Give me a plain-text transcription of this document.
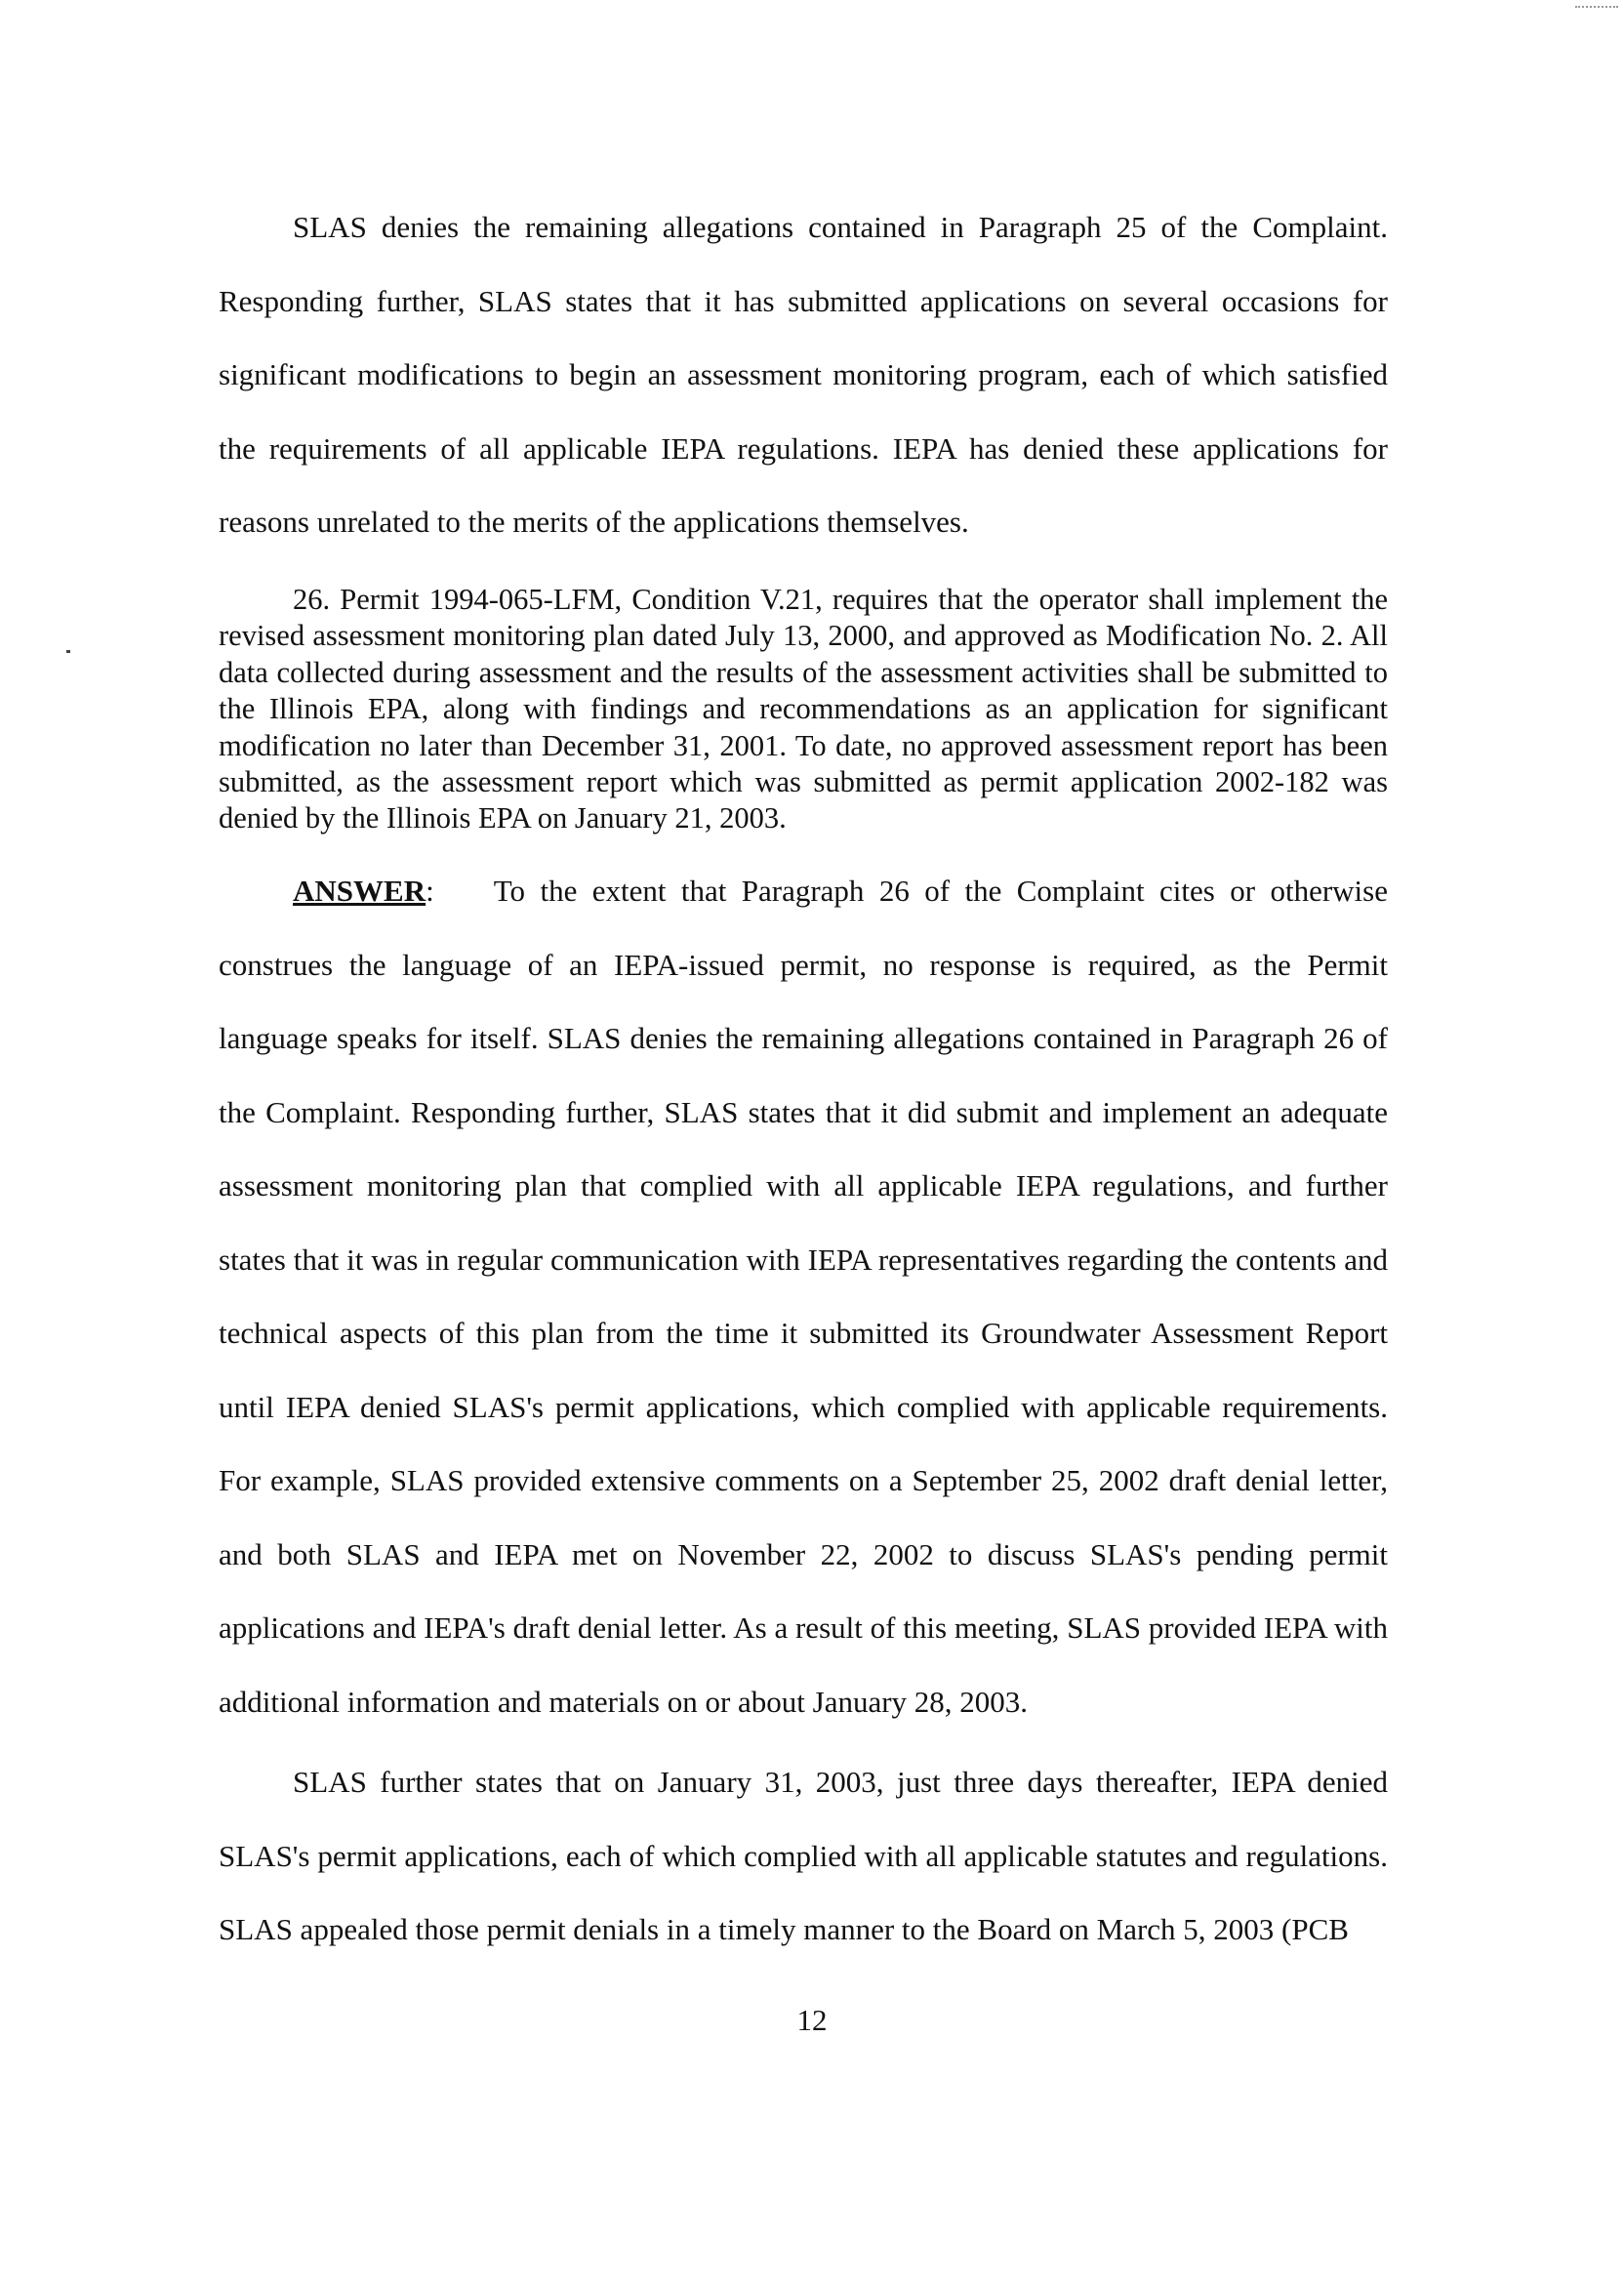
SLAS denies the remaining allegations contained in Paragraph 25 of the Complaint. Responding further, SLAS states that it has submitted applications on several occasions for significant modifications to begin an assessment monitoring program, each of which satisfied the requirements of all applicable IEPA regulations. IEPA has denied these applications for reasons unrelated to the merits of the applications themselves.

26. Permit 1994-065-LFM, Condition V.21, requires that the operator shall implement the revised assessment monitoring plan dated July 13, 2000, and approved as Modification No. 2. All data collected during assessment and the results of the assessment activities shall be submitted to the Illinois EPA, along with findings and recommendations as an application for significant modification no later than December 31, 2001. To date, no approved assessment report has been submitted, as the assessment report which was submitted as permit application 2002-182 was denied by the Illinois EPA on January 21, 2003.

ANSWER: To the extent that Paragraph 26 of the Complaint cites or otherwise construes the language of an IEPA-issued permit, no response is required, as the Permit language speaks for itself. SLAS denies the remaining allegations contained in Paragraph 26 of the Complaint. Responding further, SLAS states that it did submit and implement an adequate assessment monitoring plan that complied with all applicable IEPA regulations, and further states that it was in regular communication with IEPA representatives regarding the contents and technical aspects of this plan from the time it submitted its Groundwater Assessment Report until IEPA denied SLAS's permit applications, which complied with applicable requirements. For example, SLAS provided extensive comments on a September 25, 2002 draft denial letter, and both SLAS and IEPA met on November 22, 2002 to discuss SLAS's pending permit applications and IEPA's draft denial letter. As a result of this meeting, SLAS provided IEPA with additional information and materials on or about January 28, 2003.

SLAS further states that on January 31, 2003, just three days thereafter, IEPA denied SLAS's permit applications, each of which complied with all applicable statutes and regulations. SLAS appealed those permit denials in a timely manner to the Board on March 5, 2003 (PCB

12
